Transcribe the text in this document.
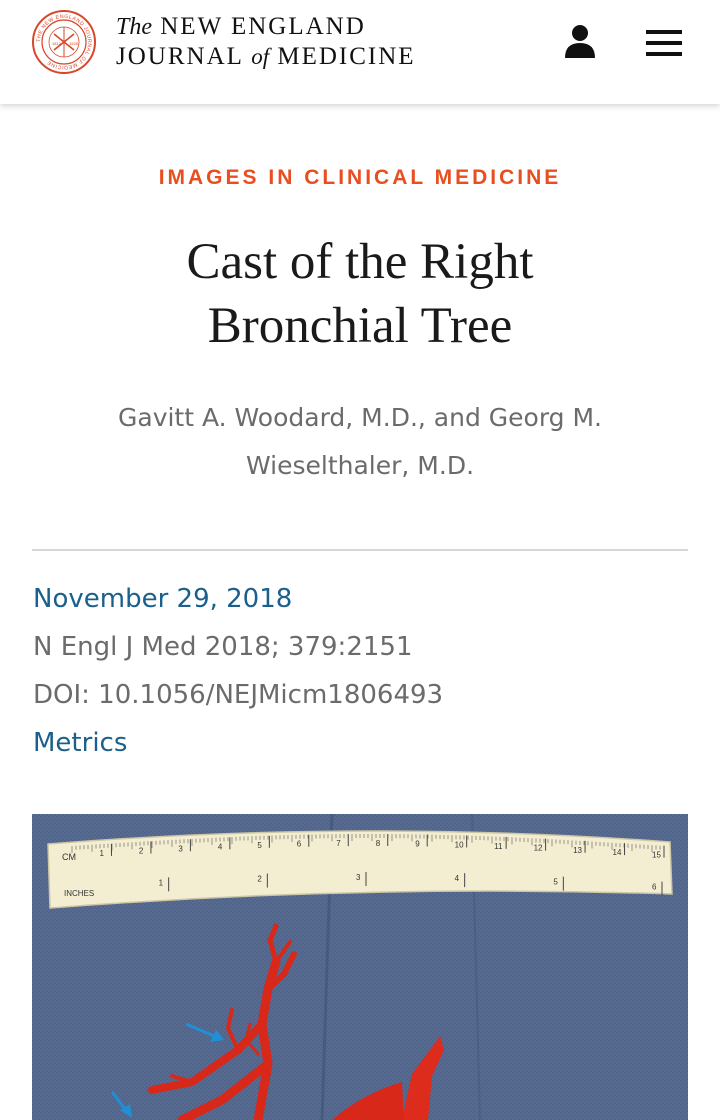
THE NEW ENGLAND JOURNAL OF MEDICINE
1812 1928
The NEW ENGLAND
JOURNAL of MEDICINE
IMAGES IN CLINICAL MEDICINE
Cast of the Right
Bronchial Tree
Gavitt A. Woodard, M.D., and Georg M.
Wieselthaler, M.D.
November 29, 2018
N Engl J Med 2018; 379:2151
DOI: 10.1056/NEJMicm1806493
Metrics
1	2	3	4	5	6	7	8	9	10	11	12	13	14	15
1	2	3	4	5
6
CM
INCHES
